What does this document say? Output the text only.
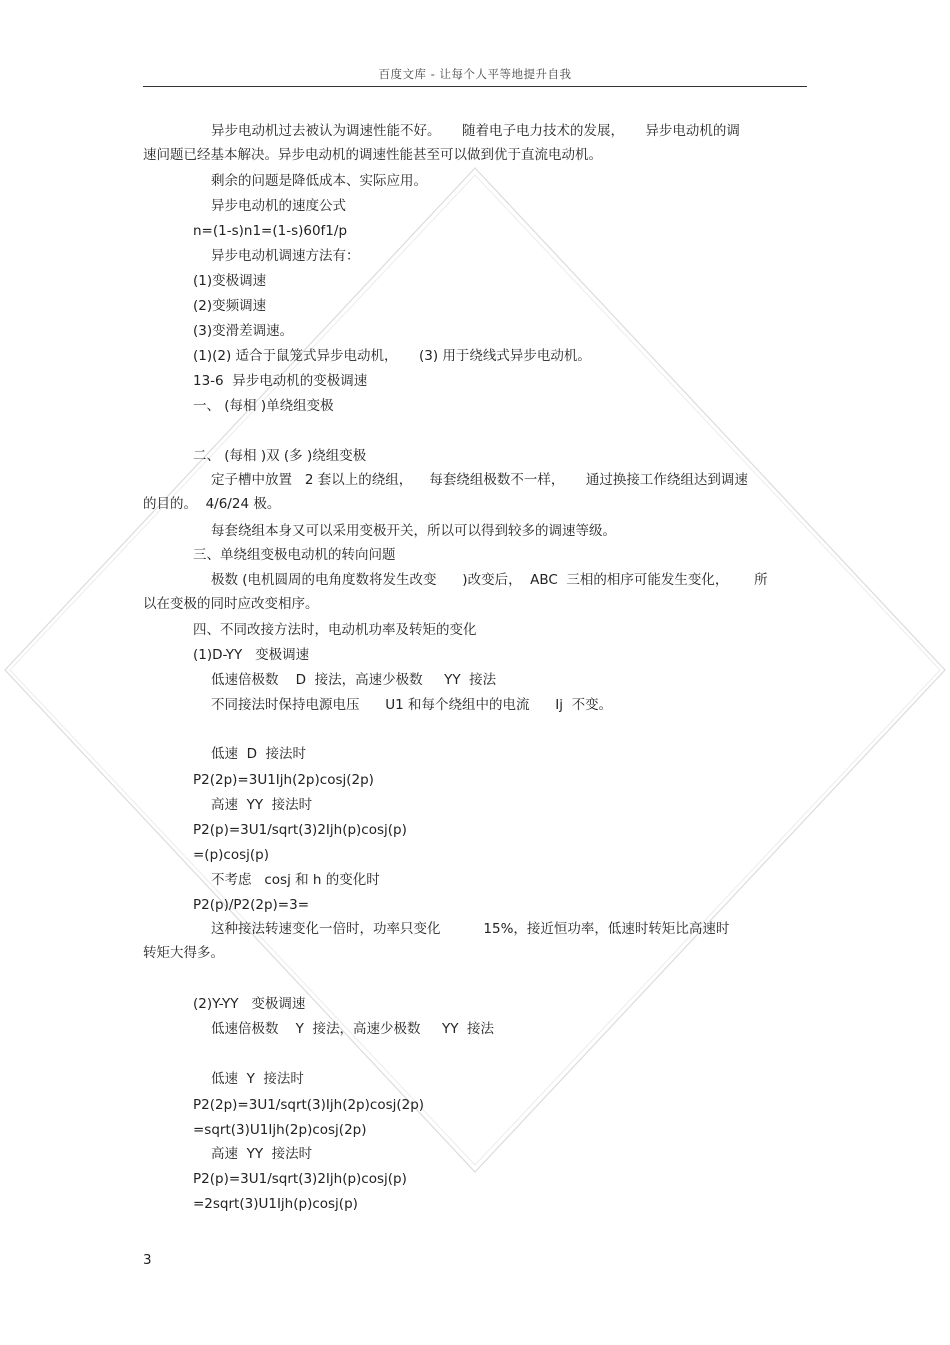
百度文库 - 让每个人平等地提升自我
异步电动机过去被认为调速性能不好。     随着电子电力技术的发展，     异步电动机的调
速问题已经基本解决。异步电动机的调速性能甚至可以做到优于直流电动机。
剩余的问题是降低成本、实际应用。
异步电动机的速度公式
n=(1-s)n1=(1-s)60f1/p
异步电动机调速方法有：
(1)变极调速
(2)变频调速
(3)变滑差调速。
(1)(2) 适合于鼠笼式异步电动机，     (3) 用于绕线式异步电动机。
13-6  异步电动机的变极调速
一、 (每相 )单绕组变极
二、 (每相 )双 (多 )绕组变极
定子槽中放置   2 套以上的绕组，    每套绕组极数不一样，     通过换接工作绕组达到调速
的目的。  4/6/24 极。
每套绕组本身又可以采用变极开关，所以可以得到较多的调速等级。
三、单绕组变极电动机的转向问题
极数 (电机圆周的电角度数将发生改变      )改变后，  ABC  三相的相序可能发生变化，      所
以在变极的同时应改变相序。
四、不同改接方法时，电动机功率及转矩的变化
(1)D-YY   变极调速
低速倍极数    D  接法，高速少极数     YY  接法
不同接法时保持电源电压      U1 和每个绕组中的电流      Ij  不变。
低速  D  接法时
P2(2p)=3U1Ijh(2p)cosj(2p)
高速  YY  接法时
P2(p)=3U1/sqrt(3)2Ijh(p)cosj(p)
=(p)cosj(p)
不考虑   cosj 和 h 的变化时
P2(p)/P2(2p)=3=
这种接法转速变化一倍时，功率只变化          15%，接近恒功率，低速时转矩比高速时
转矩大得多。
(2)Y-YY   变极调速
低速倍极数    Y  接法，高速少极数     YY  接法
低速  Y  接法时
P2(2p)=3U1/sqrt(3)Ijh(2p)cosj(2p)
=sqrt(3)U1Ijh(2p)cosj(2p)
高速  YY  接法时
P2(p)=3U1/sqrt(3)2Ijh(p)cosj(p)
=2sqrt(3)U1Ijh(p)cosj(p)
3
